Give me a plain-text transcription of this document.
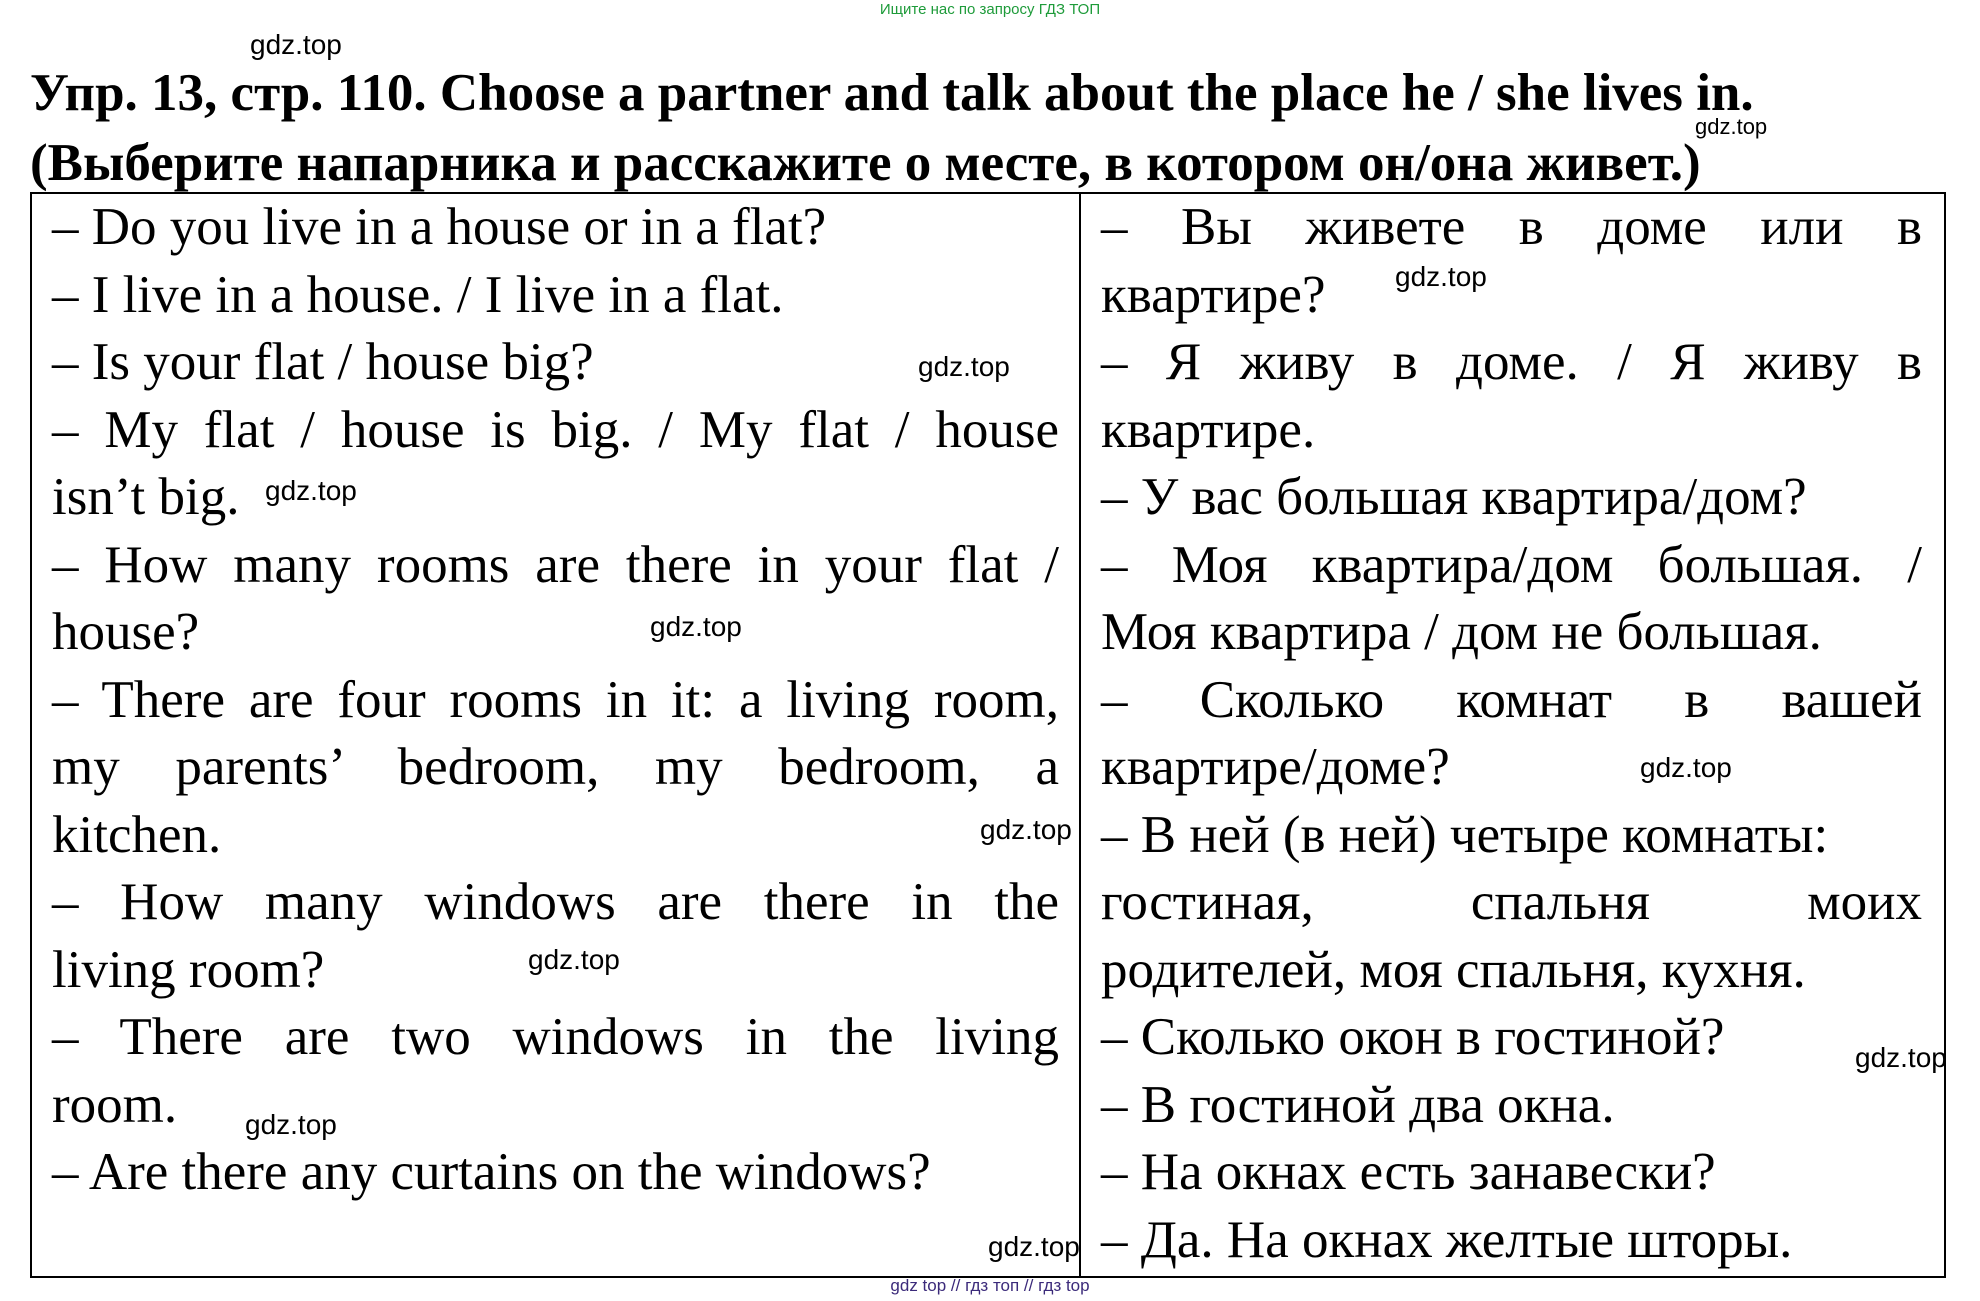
Ищите нас по запросу ГДЗ ТОП
gdz.top
Упр. 13, стр. 110. Choose a partner and talk about the place he / she lives in.
(Выберите напарника и расскажите о месте, в котором он/она живет.)
gdz.top
– Do you live in a house or in a flat?
– I live in a house. / I live in a flat.
– Is your flat / house big?
– My flat / house is big. / My flat / house
isn’t big.
– How many rooms are there in your flat /
house?
– There are four rooms in it: a living room,
my parents’ bedroom, my bedroom, a
kitchen.
– How many windows are there in the
living room?
– There are two windows in the living
room.
– Are there any curtains on the windows?
– Вы живете в доме или в
квартире?
– Я живу в доме. / Я живу в
квартире.
– У вас большая квартира/дом?
– Моя квартира/дом большая. /
Моя квартира / дом не большая.
– Сколько комнат в вашей
квартире/доме?
– В ней (в ней) четыре комнаты:
гостиная, спальня моих
родителей, моя спальня, кухня.
– Сколько окон в гостиной?
– В гостиной два окна.
– На окнах есть занавески?
– Да. На окнах желтые шторы.
gdz.top
gdz.top
gdz.top
gdz.top
gdz.top
gdz.top
gdz.top
gdz.top
gdz.top
gdz.top
gdz top // гдз топ // гдз top
